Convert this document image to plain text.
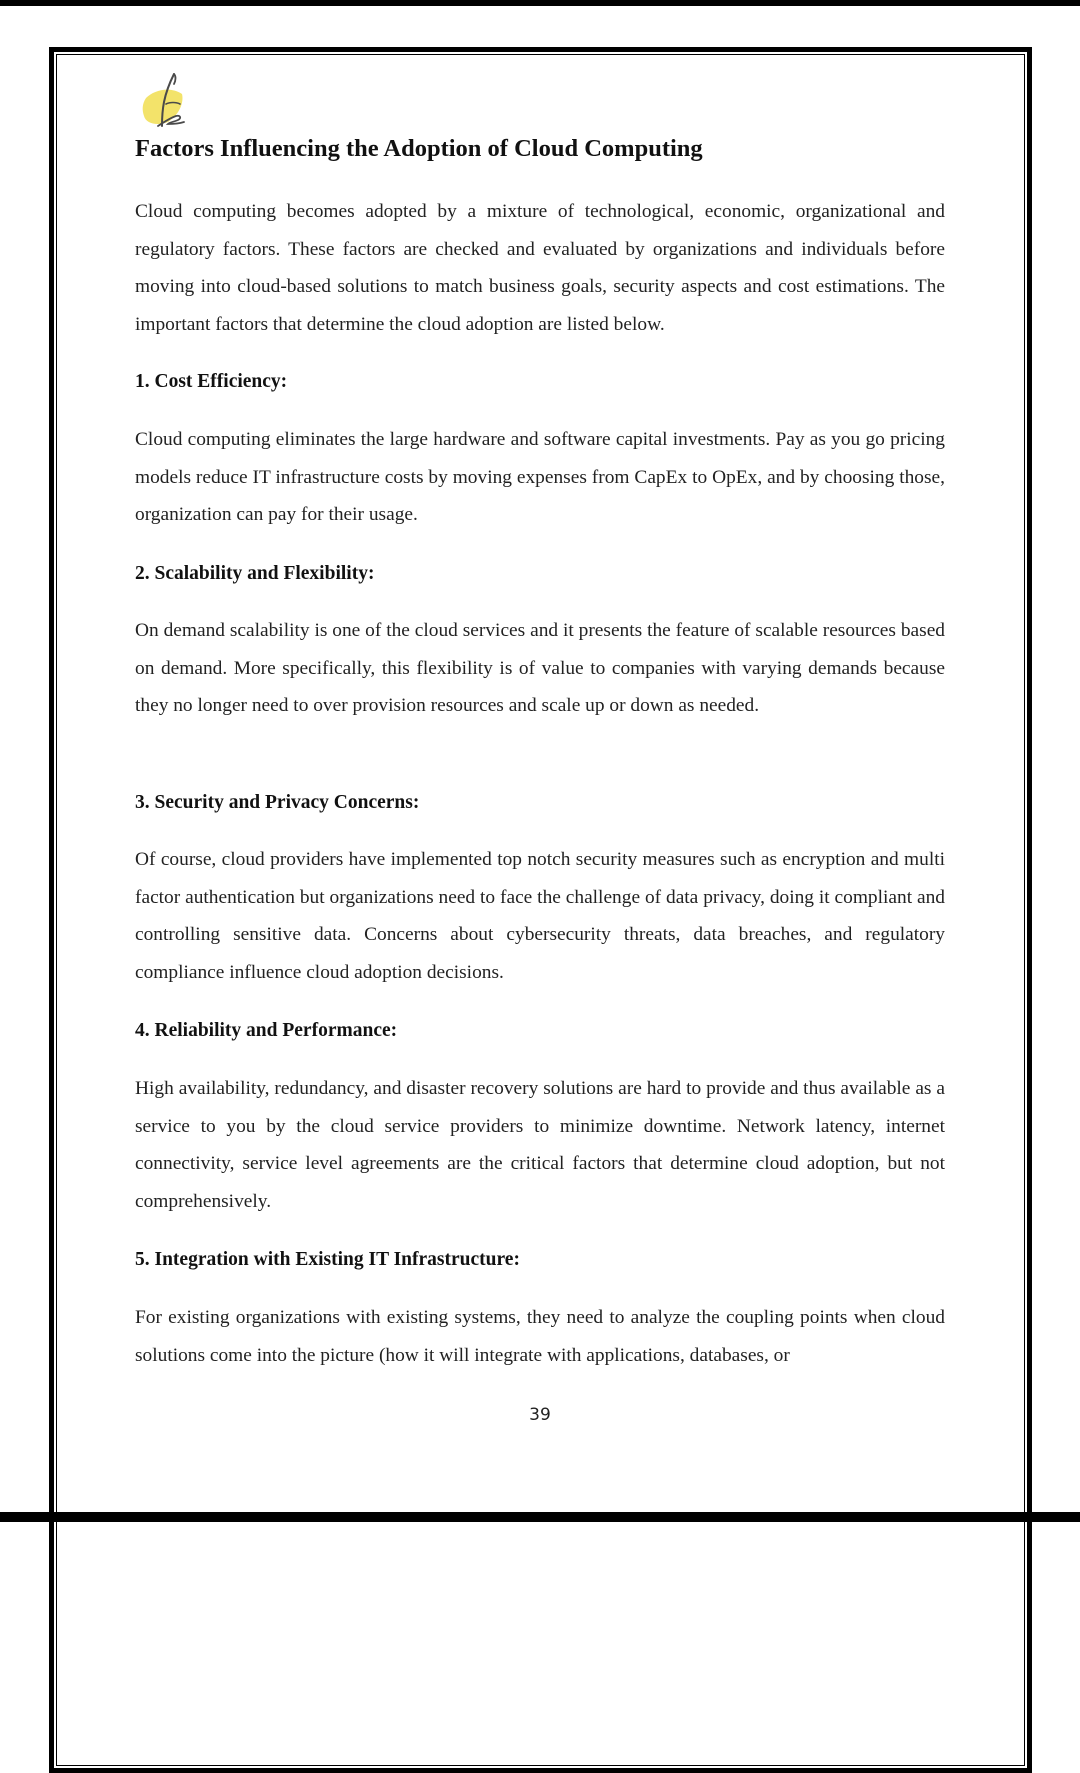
Factors Influencing the Adoption of Cloud Computing

Cloud computing becomes adopted by a mixture of technological, economic, organizational and regulatory factors. These factors are checked and evaluated by organizations and individuals before moving into cloud-based solutions to match business goals, security aspects and cost estimations. The important factors that determine the cloud adoption are listed below.

1. Cost Efficiency:

Cloud computing eliminates the large hardware and software capital investments. Pay as you go pricing models reduce IT infrastructure costs by moving expenses from CapEx to OpEx, and by choosing those, organization can pay for their usage.

2. Scalability and Flexibility:

On demand scalability is one of the cloud services and it presents the feature of scalable resources based on demand. More specifically, this flexibility is of value to companies with varying demands because they no longer need to over provision resources and scale up or down as needed.

3. Security and Privacy Concerns:

Of course, cloud providers have implemented top notch security measures such as encryption and multi factor authentication but organizations need to face the challenge of data privacy, doing it compliant and controlling sensitive data. Concerns about cybersecurity threats, data breaches, and regulatory compliance influence cloud adoption decisions.

4. Reliability and Performance:

High availability, redundancy, and disaster recovery solutions are hard to provide and thus available as a service to you by the cloud service providers to minimize downtime. Network latency, internet connectivity, service level agreements are the critical factors that determine cloud adoption, but not comprehensively.

5. Integration with Existing IT Infrastructure:

For existing organizations with existing systems, they need to analyze the coupling points when cloud solutions come into the picture (how it will integrate with applications, databases, or

39
